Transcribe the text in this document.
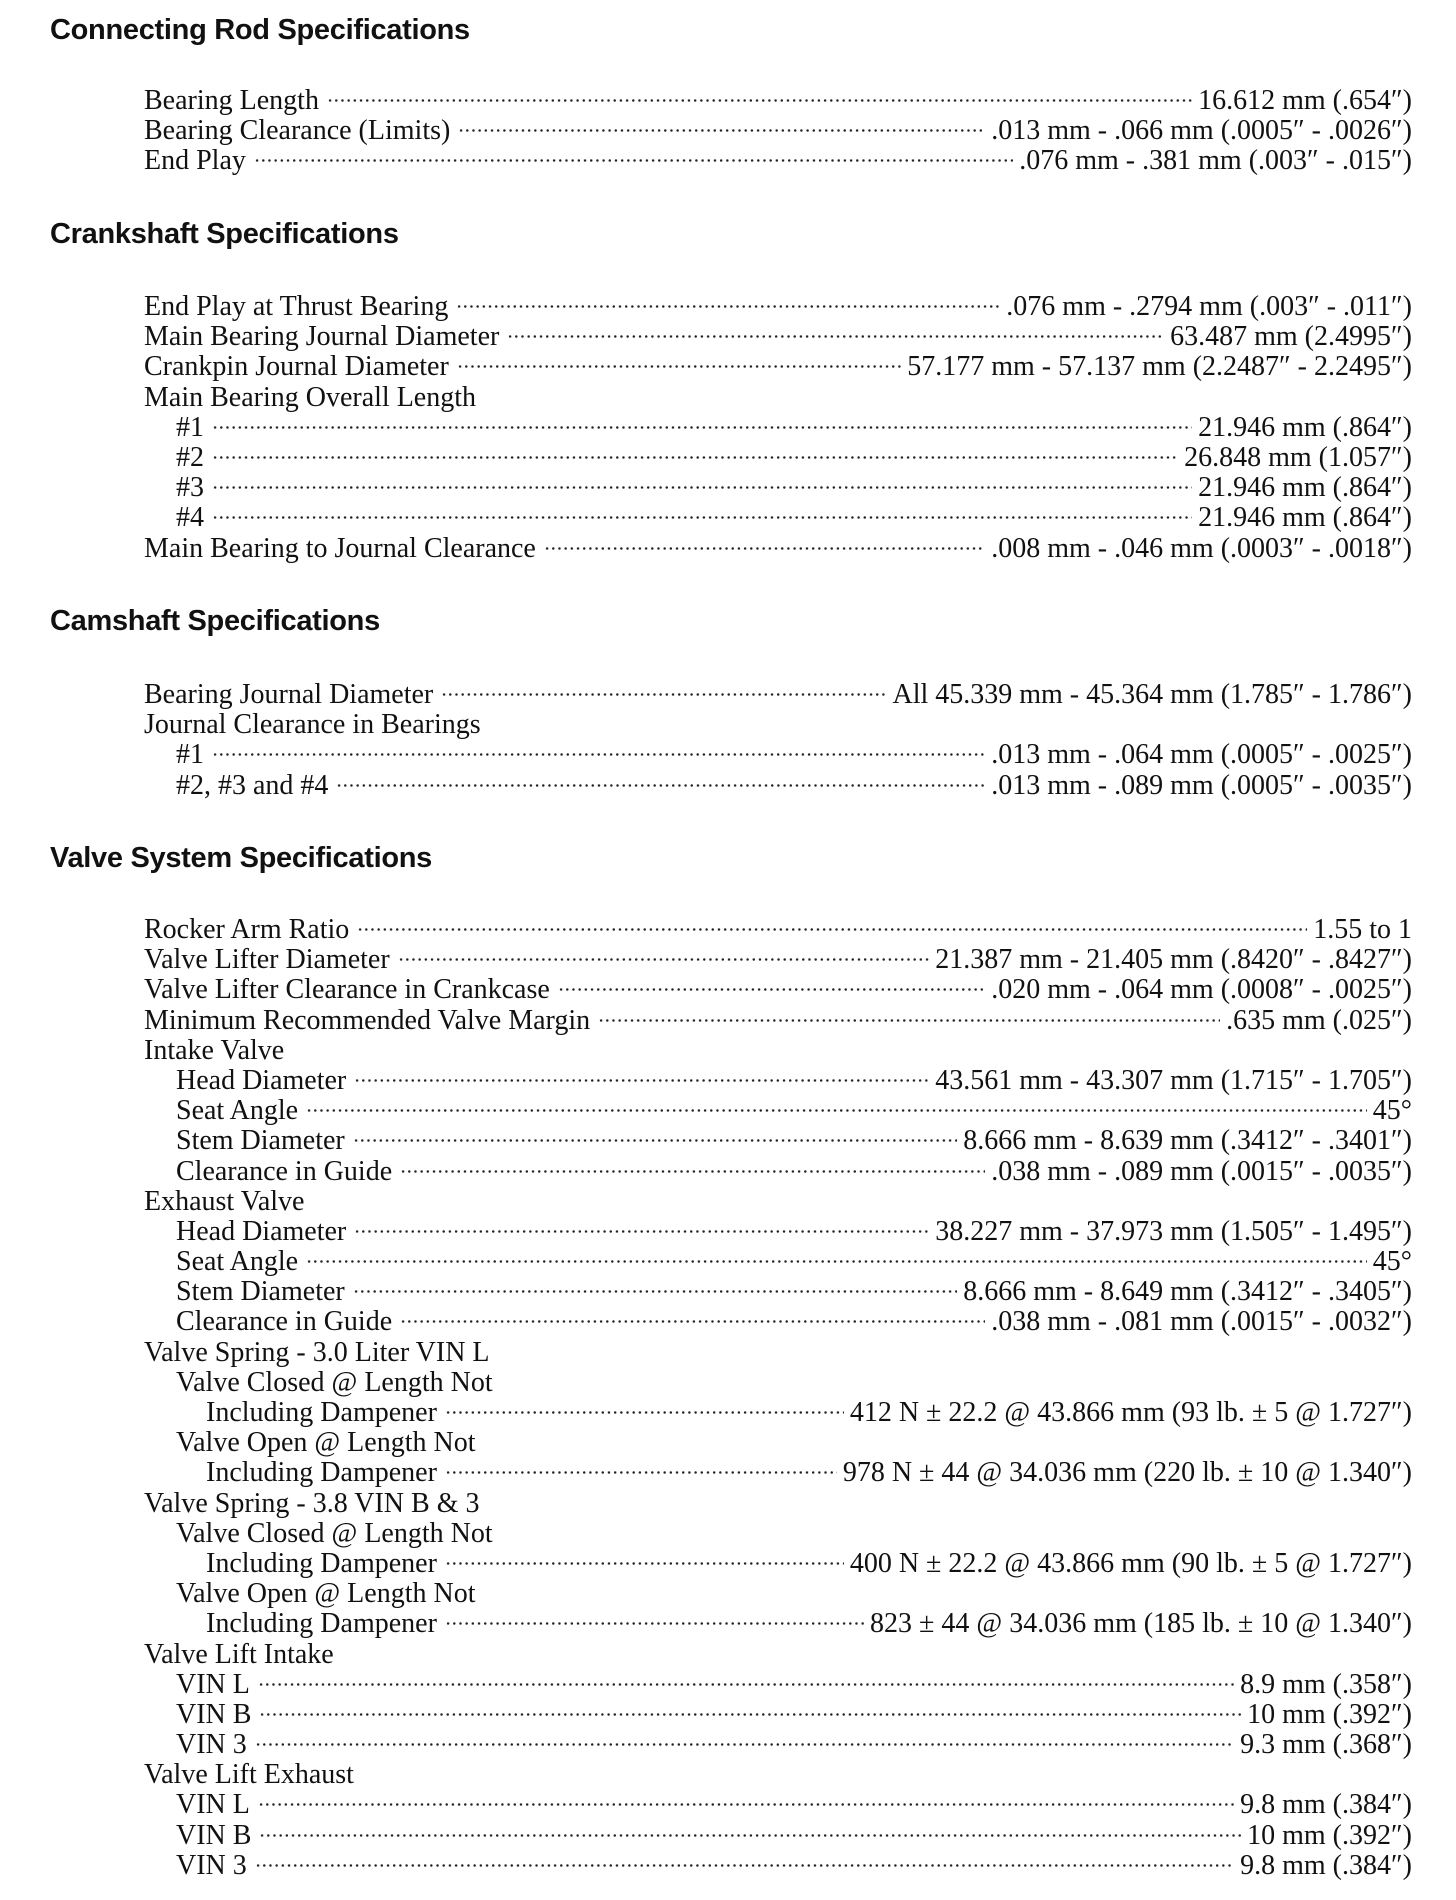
Connecting Rod Specifications
Bearing Length	16.612 mm (.654″)
Bearing Clearance (Limits)	.013 mm - .066 mm (.0005″ - .0026″)
End Play	.076 mm - .381 mm (.003″ - .015″)
Crankshaft Specifications
End Play at Thrust Bearing	.076 mm - .2794 mm (.003″ - .011″)
Main Bearing Journal Diameter	63.487 mm (2.4995″)
Crankpin Journal Diameter	57.177 mm - 57.137 mm (2.2487″ - 2.2495″)
Main Bearing Overall Length
#1	21.946 mm (.864″)
#2	26.848 mm (1.057″)
#3	21.946 mm (.864″)
#4	21.946 mm (.864″)
Main Bearing to Journal Clearance	.008 mm - .046 mm (.0003″ - .0018″)
Camshaft Specifications
Bearing Journal Diameter	All 45.339 mm - 45.364 mm (1.785″ - 1.786″)
Journal Clearance in Bearings
#1	.013 mm - .064 mm (.0005″ - .0025″)
#2, #3 and #4	.013 mm - .089 mm (.0005″ - .0035″)
Valve System Specifications
Rocker Arm Ratio	1.55 to 1
Valve Lifter Diameter	21.387 mm - 21.405 mm (.8420″ - .8427″)
Valve Lifter Clearance in Crankcase	.020 mm - .064 mm (.0008″ - .0025″)
Minimum Recommended Valve Margin	.635 mm (.025″)
Intake Valve
Head Diameter	43.561 mm - 43.307 mm (1.715″ - 1.705″)
Seat Angle	45°
Stem Diameter	8.666 mm - 8.639 mm (.3412″ - .3401″)
Clearance in Guide	.038 mm - .089 mm (.0015″ - .0035″)
Exhaust Valve
Head Diameter	38.227 mm - 37.973 mm (1.505″ - 1.495″)
Seat Angle	45°
Stem Diameter	8.666 mm - 8.649 mm (.3412″ - .3405″)
Clearance in Guide	.038 mm - .081 mm (.0015″ - .0032″)
Valve Spring - 3.0 Liter VIN L
Valve Closed @ Length Not
Including Dampener	412 N ± 22.2 @ 43.866 mm (93 lb. ± 5 @ 1.727″)
Valve Open @ Length Not
Including Dampener	978 N ± 44 @ 34.036 mm (220 lb. ± 10 @ 1.340″)
Valve Spring - 3.8 VIN B & 3
Valve Closed @ Length Not
Including Dampener	400 N ± 22.2 @ 43.866 mm (90 lb. ± 5 @ 1.727″)
Valve Open @ Length Not
Including Dampener	823 ± 44 @ 34.036 mm (185 lb. ± 10 @ 1.340″)
Valve Lift Intake
VIN L	8.9 mm (.358″)
VIN B	10 mm (.392″)
VIN 3	9.3 mm (.368″)
Valve Lift Exhaust
VIN L	9.8 mm (.384″)
VIN B	10 mm (.392″)
VIN 3	9.8 mm (.384″)
